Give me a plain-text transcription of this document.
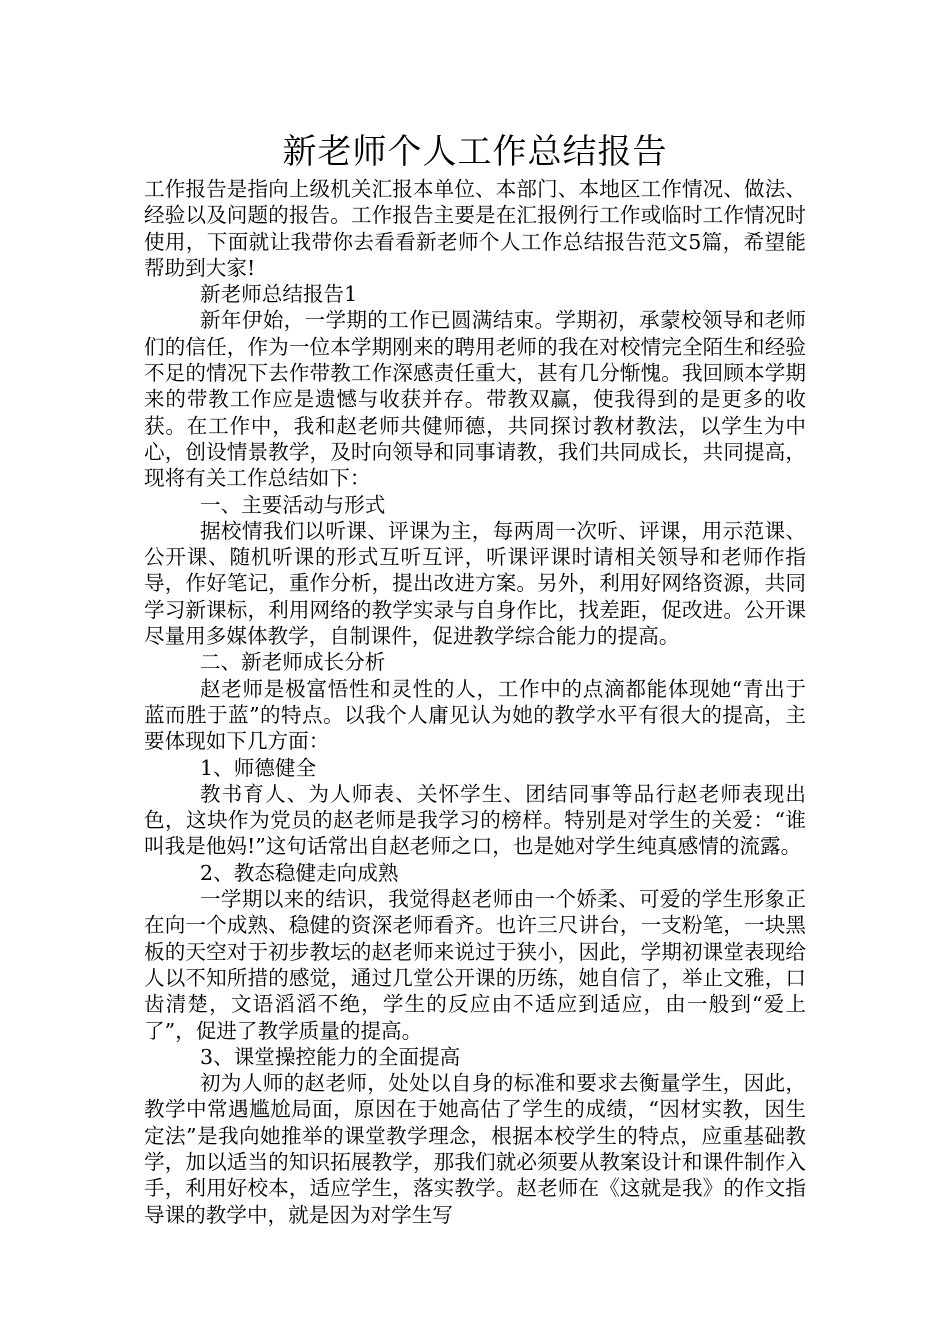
新老师个人工作总结报告

工作报告是指向上级机关汇报本单位、本部门、本地区工作情况、做法、经验以及问题的报告。工作报告主要是在汇报例行工作或临时工作情况时使用，下面就让我带你去看看新老师个人工作总结报告范文5篇，希望能帮助到大家!

新老师总结报告1

新年伊始，一学期的工作已圆满结束。学期初，承蒙校领导和老师们的信任，作为一位本学期刚来的聘用老师的我在对校情完全陌生和经验不足的情况下去作带教工作深感责任重大，甚有几分惭愧。我回顾本学期来的带教工作应是遗憾与收获并存。带教双赢，使我得到的是更多的收获。在工作中，我和赵老师共健师德，共同探讨教材教法，以学生为中心，创设情景教学，及时向领导和同事请教，我们共同成长，共同提高，现将有关工作总结如下：

一、主要活动与形式

据校情我们以听课、评课为主，每两周一次听、评课，用示范课、公开课、随机听课的形式互听互评，听课评课时请相关领导和老师作指导，作好笔记，重作分析，提出改进方案。另外，利用好网络资源，共同学习新课标，利用网络的教学实录与自身作比，找差距，促改进。公开课尽量用多媒体教学，自制课件，促进教学综合能力的提高。

二、新老师成长分析

赵老师是极富悟性和灵性的人，工作中的点滴都能体现她“青出于蓝而胜于蓝”的特点。以我个人庸见认为她的教学水平有很大的提高，主要体现如下几方面：

1、师德健全

教书育人、为人师表、关怀学生、团结同事等品行赵老师表现出色，这块作为党员的赵老师是我学习的榜样。特别是对学生的关爱：“谁叫我是他妈!”这句话常出自赵老师之口，也是她对学生纯真感情的流露。

2、教态稳健走向成熟

一学期以来的结识，我觉得赵老师由一个娇柔、可爱的学生形象正在向一个成熟、稳健的资深老师看齐。也许三尺讲台，一支粉笔，一块黑板的天空对于初步教坛的赵老师来说过于狭小，因此，学期初课堂表现给人以不知所措的感觉，通过几堂公开课的历练，她自信了，举止文雅，口齿清楚，文语滔滔不绝，学生的反应由不适应到适应，由一般到“爱上了”，促进了教学质量的提高。

3、课堂操控能力的全面提高

初为人师的赵老师，处处以自身的标准和要求去衡量学生，因此，教学中常遇尴尬局面，原因在于她高估了学生的成绩，“因材实教，因生定法”是我向她推举的课堂教学理念，根据本校学生的特点，应重基础教学，加以适当的知识拓展教学，那我们就必须要从教案设计和课件制作入手，利用好校本，适应学生，落实教学。赵老师在《这就是我》的作文指导课的教学中，就是因为对学生写
